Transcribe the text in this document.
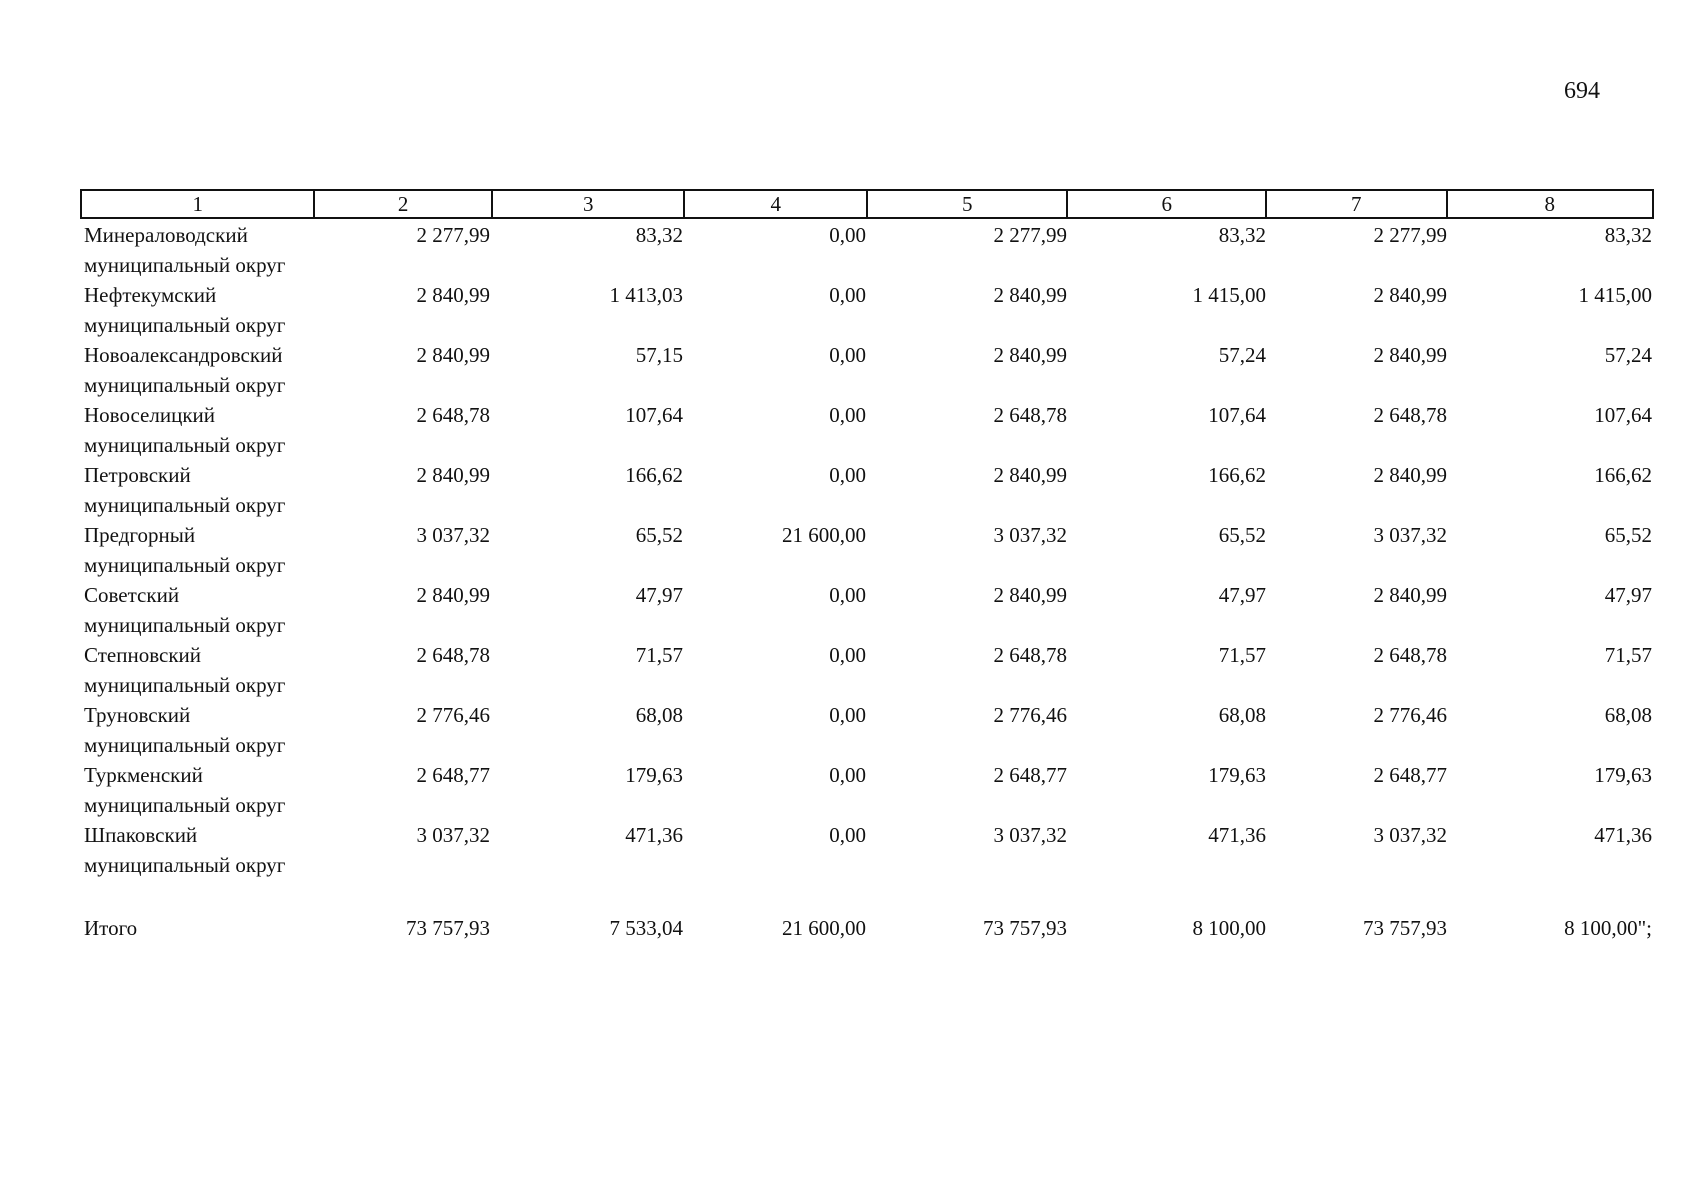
694
1	2	3	4	5	6	7	8
Минераловодский муниципальный округ
2 277,99	83,32	0,00	2 277,99	83,32	2 277,99	83,32
Нефтекумский муниципальный округ
2 840,99	1 413,03	0,00	2 840,99	1 415,00	2 840,99	1 415,00
Новоалександровский муниципальный округ
2 840,99	57,15	0,00	2 840,99	57,24	2 840,99	57,24
Новоселицкий муниципальный округ
2 648,78	107,64	0,00	2 648,78	107,64	2 648,78	107,64
Петровский муниципальный округ
2 840,99	166,62	0,00	2 840,99	166,62	2 840,99	166,62
Предгорный муниципальный округ
3 037,32	65,52	21 600,00	3 037,32	65,52	3 037,32	65,52
Советский муниципальный округ
2 840,99	47,97	0,00	2 840,99	47,97	2 840,99	47,97
Степновский муниципальный округ
2 648,78	71,57	0,00	2 648,78	71,57	2 648,78	71,57
Труновский муниципальный округ
2 776,46	68,08	0,00	2 776,46	68,08	2 776,46	68,08
Туркменский муниципальный округ
2 648,77	179,63	0,00	2 648,77	179,63	2 648,77	179,63
Шпаковский муниципальный округ
3 037,32	471,36	0,00	3 037,32	471,36	3 037,32	471,36
Итого	73 757,93	7 533,04	21 600,00	73 757,93	8 100,00	73 757,93	8 100,00";
